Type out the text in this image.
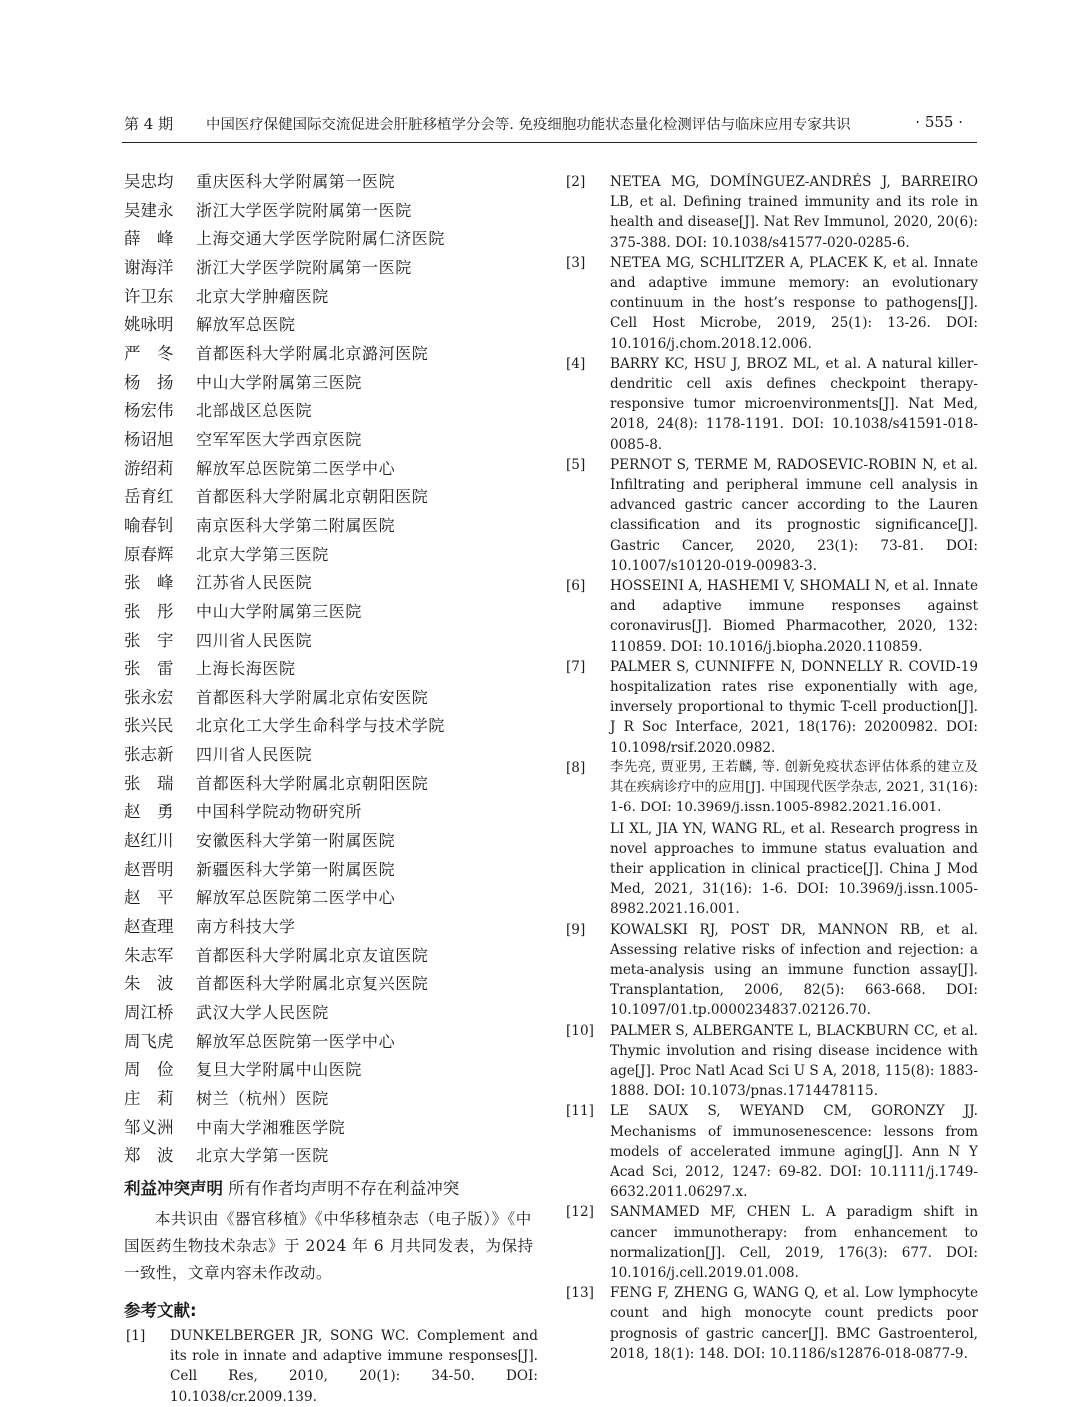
第 4 期 中国医疗保健国际交流促进会肝脏移植学分会等. 免疫细胞功能状态量化检测评估与临床应用专家共识	· 555 ·
吴忠均 重庆医科大学附属第一医院
吴建永 浙江大学医学院附属第一医院
薛　峰 上海交通大学医学院附属仁济医院
谢海洋 浙江大学医学院附属第一医院
许卫东 北京大学肿瘤医院
姚咏明 解放军总医院
严　冬 首都医科大学附属北京潞河医院
杨　扬 中山大学附属第三医院
杨宏伟 北部战区总医院
杨诏旭 空军军医大学西京医院
游绍莉 解放军总医院第二医学中心
岳育红 首都医科大学附属北京朝阳医院
喻春钊 南京医科大学第二附属医院
原春辉 北京大学第三医院
张　峰 江苏省人民医院
张　彤 中山大学附属第三医院
张　宇 四川省人民医院
张　雷 上海长海医院
张永宏 首都医科大学附属北京佑安医院
张兴民 北京化工大学生命科学与技术学院
张志新 四川省人民医院
张　瑞 首都医科大学附属北京朝阳医院
赵　勇 中国科学院动物研究所
赵红川 安徽医科大学第一附属医院
赵晋明 新疆医科大学第一附属医院
赵　平 解放军总医院第二医学中心
赵查理 南方科技大学
朱志军 首都医科大学附属北京友谊医院
朱　波 首都医科大学附属北京复兴医院
周江桥 武汉大学人民医院
周飞虎 解放军总医院第一医学中心
周　俭 复旦大学附属中山医院
庄　莉 树兰（杭州）医院
邹义洲 中南大学湘雅医学院
郑　波 北京大学第一医院
利益冲突声明 所有作者均声明不存在利益冲突
本共识由《器官移植》《中华移植杂志（电子版）》《中国医药生物技术杂志》于 2024 年 6 月共同发表，为保持一致性，文章内容未作改动。
参考文献:
[1] DUNKELBERGER JR, SONG WC. Complement and its role in innate and adaptive immune responses[J]. Cell Res, 2010, 20(1): 34-50. DOI: 10.1038/cr.2009.139.
[2] NETEA MG, DOMÍNGUEZ-ANDRÉS J, BARREIRO LB, et al. Defining trained immunity and its role in health and disease[J]. Nat Rev Immunol, 2020, 20(6): 375-388. DOI: 10.1038/s41577-020-0285-6.
[3] NETEA MG, SCHLITZER A, PLACEK K, et al. Innate and adaptive immune memory: an evolutionary continuum in the host’s response to pathogens[J]. Cell Host Microbe, 2019, 25(1): 13-26. DOI: 10.1016/j.chom.2018.12.006.
[4] BARRY KC, HSU J, BROZ ML, et al. A natural killer-dendritic cell axis defines checkpoint therapy-responsive tumor microenvironments[J]. Nat Med, 2018, 24(8): 1178-1191. DOI: 10.1038/s41591-018-0085-8.
[5] PERNOT S, TERME M, RADOSEVIC-ROBIN N, et al. Infiltrating and peripheral immune cell analysis in advanced gastric cancer according to the Lauren classification and its prognostic significance[J]. Gastric Cancer, 2020, 23(1): 73-81. DOI: 10.1007/s10120-019-00983-3.
[6] HOSSEINI A, HASHEMI V, SHOMALI N, et al. Innate and adaptive immune responses against coronavirus[J]. Biomed Pharmacother, 2020, 132: 110859. DOI: 10.1016/j.biopha.2020.110859.
[7] PALMER S, CUNNIFFE N, DONNELLY R. COVID-19 hospitalization rates rise exponentially with age, inversely proportional to thymic T-cell production[J]. J R Soc Interface, 2021, 18(176): 20200982. DOI: 10.1098/rsif.2020.0982.
[8] 李先亮, 贾亚男, 王若麟, 等. 创新免疫状态评估体系的建立及其在疾病诊疗中的应用[J]. 中国现代医学杂志, 2021, 31(16): 1-6. DOI: 10.3969/j.issn.1005-8982.2021.16.001.
LI XL, JIA YN, WANG RL, et al. Research progress in novel approaches to immune status evaluation and their application in clinical practice[J]. China J Mod Med, 2021, 31(16): 1-6. DOI: 10.3969/j.issn.1005-8982.2021.16.001.
[9] KOWALSKI RJ, POST DR, MANNON RB, et al. Assessing relative risks of infection and rejection: a meta-analysis using an immune function assay[J]. Transplantation, 2006, 82(5): 663-668. DOI: 10.1097/01.tp.0000234837.02126.70.
[10] PALMER S, ALBERGANTE L, BLACKBURN CC, et al. Thymic involution and rising disease incidence with age[J]. Proc Natl Acad Sci U S A, 2018, 115(8): 1883-1888. DOI: 10.1073/pnas.1714478115.
[11] LE SAUX S, WEYAND CM, GORONZY JJ. Mechanisms of immunosenescence: lessons from models of accelerated immune aging[J]. Ann N Y Acad Sci, 2012, 1247: 69-82. DOI: 10.1111/j.1749-6632.2011.06297.x.
[12] SANMAMED MF, CHEN L. A paradigm shift in cancer immunotherapy: from enhancement to normalization[J]. Cell, 2019, 176(3): 677. DOI: 10.1016/j.cell.2019.01.008.
[13] FENG F, ZHENG G, WANG Q, et al. Low lymphocyte count and high monocyte count predicts poor prognosis of gastric cancer[J]. BMC Gastroenterol, 2018, 18(1): 148. DOI: 10.1186/s12876-018-0877-9.
